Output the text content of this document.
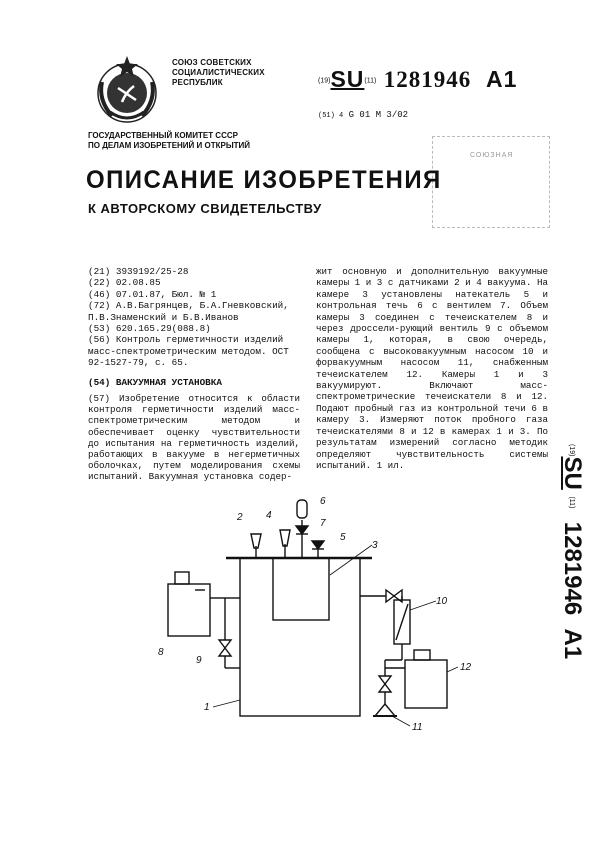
СОЮЗ СОВЕТСКИХ
СОЦИАЛИСТИЧЕСКИХ
РЕСПУБЛИК	(19)SU(11) 1281946 A1
(51) 4 G 01 M 3/02
ГОСУДАРСТВЕННЫЙ КОМИТЕТ СССР
ПО ДЕЛАМ ИЗОБРЕТЕНИЙ И ОТКРЫТИЙ
СОЮЗНАЯ
ОПИСАНИЕ ИЗОБРЕТЕНИЯ
К АВТОРСКОМУ СВИДЕТЕЛЬСТВУ
(21) 3939192/25-28
(22) 02.08.85
(46) 07.01.87, Бюл. № 1
(72) А.В.Багрянцев, Б.А.Гневковский, П.В.Знаменский и Б.В.Иванов
(53) 620.165.29(088.8)
(56) Контроль герметичности изделий масс-спектрометрическим методом. ОСТ 92-1527-79, с. 65.
(54) ВАКУУМНАЯ УСТАНОВКА
(57) Изобретение относится к области контроля герметичности изделий масс-спектрометрическим методом и обеспечивает оценку чувствительности до испытания на герметичность изделий, работающих в вакууме в негерметичных оболочках, путем моделирования схемы испытаний. Вакуумная установка содер-
жит основную и дополнительную вакуумные камеры 1 и 3 с датчиками 2 и 4 вакуума. На камере 3 установлены натекатель 5 и контрольная течь 6 с вентилем 7. Объем камеры 3 соединен с течеискателем 8 и через дроссели-рующий вентиль 9 с объемом камеры 1, которая, в свою очередь, сообщена с высоковакуумным насосом 10 и форвакуумным насосом 11, снабженным течеискателем 12. Камеры 1 и 3 вакуумируют. Включают масс-спектрометрические течеискатели 8 и 12. Подают пробный газ из контрольной течи 6 в камеру 3. Измеряют поток пробного газа течеискателями 8 и 12 в камерах 1 и 3. По результатам измерений согласно методик определяют чувствительность системы испытаний. 1 ил.
(19)SU (11)  1281946  A1
2 4
6
7
5
3
10
8
9
12
1
11
